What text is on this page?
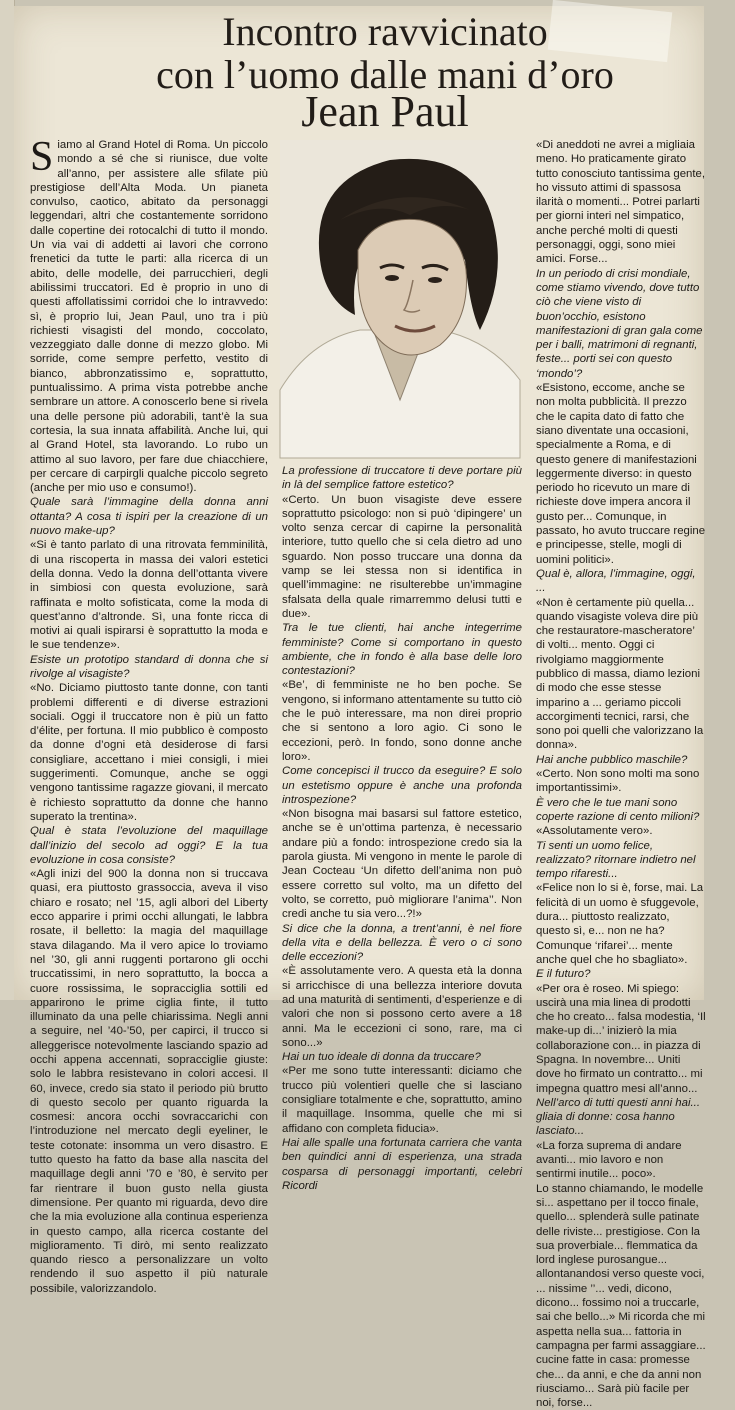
Incontro ravvicinato
con l’uomo dalle mani d’oro
Jean Paul

Siamo al Grand Hotel di Roma. Un piccolo mondo a sé che si riunisce, due volte all’anno, per assistere alle sfilate più prestigiose dell’Alta Moda. Un pianeta convulso, caotico, abitato da personaggi leggendari, altri che costantemente sorridono dalle copertine dei rotocalchi di tutto il mondo. Un via vai di addetti ai lavori che corrono frenetici da tutte le parti: alla ricerca di un abito, delle modelle, dei parrucchieri, degli abilissimi truccatori. Ed è proprio in uno di questi affollatissimi corridoi che lo intravvedo: sì, è proprio lui, Jean Paul, uno tra i più richiesti visagisti del mondo, coccolato, vezzeggiato dalle donne di mezzo globo. Mi sorride, come sempre perfetto, vestito di bianco, abbronzatissimo e, soprattutto, puntualissimo. A prima vista potrebbe anche sembrare un attore. A conoscerlo bene si rivela una delle persone più adorabili, tant’è la sua cortesia, la sua innata affabilità. Anche lui, qui al Grand Hotel, sta lavorando. Lo rubo un attimo al suo lavoro, per fare due chiacchiere, per cercare di carpirgli qualche piccolo segreto (anche per mio uso e consumo!).

Quale sarà l’immagine della donna anni ottanta? A cosa ti ispiri per la creazione di un nuovo make-up?

«Si è tanto parlato di una ritrovata femminilità, di una riscoperta in massa dei valori estetici della donna. Vedo la donna dell’ottanta vivere in simbiosi con questa evoluzione, sarà raffinata e molto sofisticata, come la moda di quest’anno d’altronde. Sì, una fonte ricca di motivi ai quali ispirarsi è soprattutto la moda e le sue tendenze».

Esiste un prototipo standard di donna che si rivolge al visagiste?

«No. Diciamo piuttosto tante donne, con tanti problemi differenti e di diverse estrazioni sociali. Oggi il truccatore non è più un fatto d’élite, per fortuna. Il mio pubblico è composto da donne d’ogni età desiderose di farsi consigliare, accettano i miei consigli, i miei suggerimenti. Comunque, anche se oggi vengono tantissime ragazze giovani, il mercato è richiesto soprattutto da donne che hanno superato la trentina».

Qual è stata l’evoluzione del maquillage dall’inizio del secolo ad oggi? E la tua evoluzione in cosa consiste?

«Agli inizi del 900 la donna non si truccava quasi, era piuttosto grassoccia, aveva il viso chiaro e rosato; nel ’15, agli albori del Liberty ecco apparire i primi occhi allungati, le labbra rosate, il belletto: la magia del maquillage stava dilagando. Ma il vero apice lo troviamo nel ’30, gli anni ruggenti portarono gli occhi truccatissimi, in nero soprattutto, la bocca a cuore rossissima, le sopracciglia sottili ed apparirono le prime ciglia finte, il tutto illuminato da una pelle chiarissima. Negli anni a seguire, nel ’40-’50, per capirci, il trucco si alleggerisce notevolmente lasciando spazio ad occhi appena accennati, sopracciglie giuste: solo le labbra resistevano in colori accesi. Il 60, invece, credo sia stato il periodo più brutto di questo secolo per quanto riguarda la cosmesi: ancora occhi sovraccarichi con l’introduzione nel mercato degli eyeliner, le teste cotonate: insomma un vero disastro. E tutto questo ha fatto da base alla nascita del maquillage degli anni ’70 e ’80, è servito per far rientrare il buon gusto nella giusta dimensione. Per quanto mi riguarda, devo dire che la mia evoluzione alla continua esperienza in questo campo, alla ricerca costante del miglioramento. Ti dirò, mi sento realizzato quando riesco a personalizzare un volto rendendo il suo aspetto il più naturale possibile, valorizzandolo.

La professione di truccatore ti deve portare più in là del semplice fattore estetico?

«Certo. Un buon visagiste deve essere soprattutto psicologo: non si può ‘dipingere’ un volto senza cercar di capirne la personalità interiore, tutto quello che si cela dietro ad uno sguardo. Non posso truccare una donna da vamp se lei stessa non si identifica in quell’immagine: ne risulterebbe un’immagine sfalsata della quale rimarremmo delusi tutti e due».

Tra le tue clienti, hai anche integerrime femministe? Come si comportano in questo ambiente, che in fondo è alla base delle loro contestazioni?

«Be’, di femministe ne ho ben poche. Se vengono, si informano attentamente su tutto ciò che le può interessare, ma non direi proprio che si sentono a loro agio. Ci sono le eccezioni, però. In fondo, sono donne anche loro».

Come concepisci il trucco da eseguire? E solo un estetismo oppure è anche una profonda introspezione?

«Non bisogna mai basarsi sul fattore estetico, anche se è un’ottima partenza, è necessario andare più a fondo: introspezione credo sia la parola giusta. Mi vengono in mente le parole di Jean Cocteau ‘Un difetto dell’anima non può essere corretto sul volto, ma un difetto del volto, se corretto, può migliorare l’anima’’. Non credi anche tu sia vero...?!»

Si dice che la donna, a trent’anni, è nel fiore della vita e della bellezza. È vero o ci sono delle eccezioni?

«È assolutamente vero. A questa età la donna si arricchisce di una bellezza interiore dovuta ad una maturità di sentimenti, d’esperienze e di valori che non si possono certo avere a 18 anni. Ma le eccezioni ci sono, rare, ma ci sono...»

Hai un tuo ideale di donna da truccare?

«Per me sono tutte interessanti: diciamo che trucco più volentieri quelle che si lasciano consigliare totalmente e che, soprattutto, amino il maquillage. Insomma, quelle che mi si affidano con completa fiducia».

Hai alle spalle una fortunata carriera che vanta ben quindici anni di esperienza, una strada cosparsa di personaggi importanti, celebri Ricordi

«Di aneddoti ne avrei a migliaia meno. Ho praticamente girato tutto conosciuto tantissima gente, ho vissuto attimi di spassosa ilarità o momenti... Potrei parlarti per giorni interi nel simpatico, anche perché molti di questi personaggi, oggi, sono miei amici. Forse...

In un periodo di crisi mondiale, come stiamo vivendo, dove tutto ciò che viene visto di buon’occhio, esistono manifestazioni di gran gala come per i balli, matrimoni di regnanti, feste... porti sei con questo ‘mondo’?

«Esistono, eccome, anche se non molta pubblicità. Il prezzo che le capita dato di fatto che siano diventate una occasioni, specialmente a Roma, e di questo genere di manifestazioni leggermente diverso: in questo periodo ho ricevuto un mare di richieste dove impera ancora il gusto per... Comunque, in passato, ho avuto truccare regine e principesse, stelle, mogli di uomini politici».

Qual è, allora, l’immagine, oggi, ...

«Non è certamente più quella... quando visagiste voleva dire più che restauratore-mascheratore’ di volti... mento. Oggi ci rivolgiamo maggiormente pubblico di massa, diamo lezioni di modo che esse stesse imparino a ... geriamo piccoli accorgimenti tecnici, rarsi, che sono poi quelli che valorizzano la donna».

Hai anche pubblico maschile?

«Certo. Non sono molti ma sono importantissimi».

È vero che le tue mani sono coperte razione di cento milioni?

«Assolutamente vero».

Ti senti un uomo felice, realizzato? ritornare indietro nel tempo rifaresti...

«Felice non lo si è, forse, mai. La felicità di un uomo è sfuggevole, dura... piuttosto realizzato, questo sì, e... non ne ha? Comunque ‘rifarei’... mente anche quel che ho sbagliato».

E il futuro?

«Per ora è roseo. Mi spiego: uscirà una mia linea di prodotti che ho creato... falsa modestia, ‘Il make-up di...’ inizierò la mia collaborazione con... in piazza di Spagna. In novembre... Uniti dove ho firmato un contratto... mi impegna quattro mesi all’anno...

Nell’arco di tutti questi anni hai... gliaia di donne: cosa hanno lasciato...

«La forza suprema di andare avanti... mio lavoro e non sentirmi inutile... poco».

Lo stanno chiamando, le modelle si... aspettano per il tocco finale, quello... splenderà sulle patinate delle riviste... prestigiose. Con la sua proverbiale... flemmatica da lord inglese purosangue... allontanandosi verso queste voci, ... nissime ’’... vedi, dicono, dicono... fossimo noi a truccarle, sai che bello...» Mi ricorda che mi aspetta nella sua... fattoria in campagna per farmi assaggiare... cucine fatte in casa: promesse che... da anni, e che da anni non riusciamo... Sarà più facile per noi, forse...
